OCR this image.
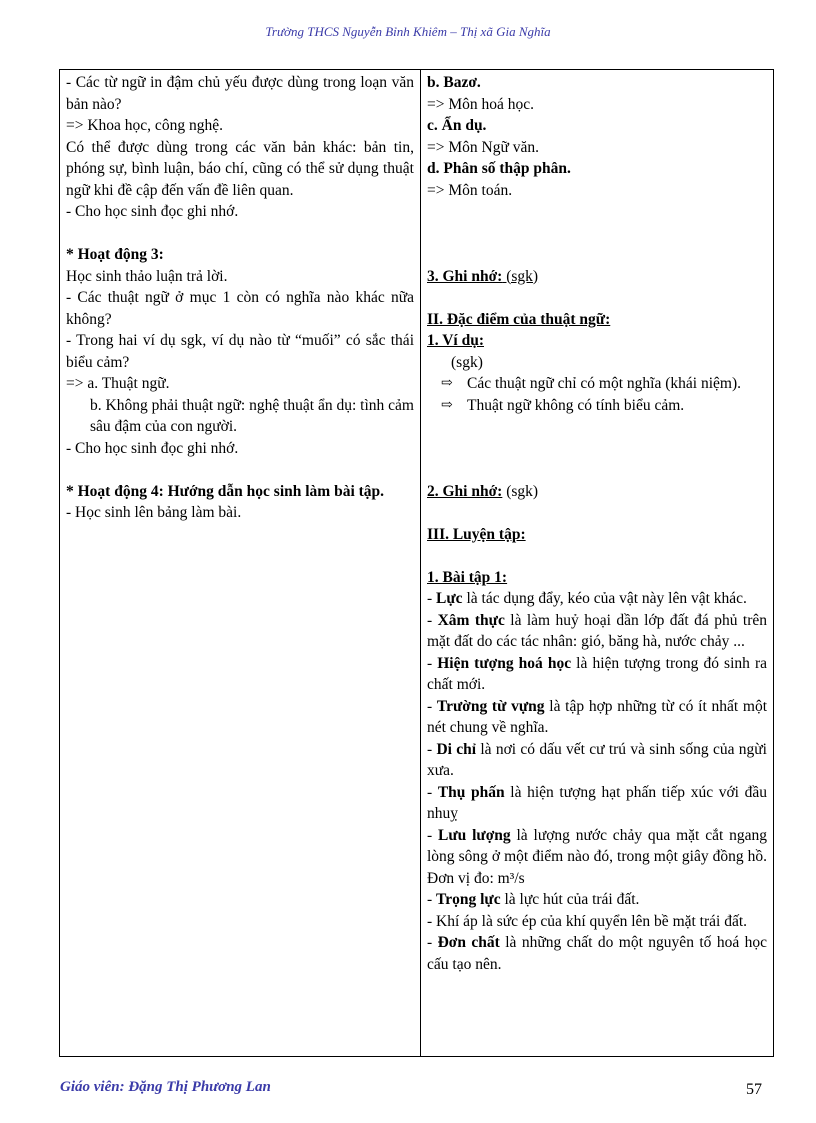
Trường THCS Nguyễn Bỉnh Khiêm – Thị xã Gia Nghĩa

- Các từ ngữ in đậm chủ yếu được dùng trong loạn văn bản nào?

=> Khoa học, công nghệ.

Có thể được dùng trong các văn bản khác: bản tin, phóng sự, bình luận, báo chí, cũng có thể sử dụng thuật ngữ khi đề cập đến vấn đề liên quan.

- Cho học sinh đọc ghi nhớ.

* Hoạt động 3:

Học sinh thảo luận trả lời.

- Các thuật ngữ ở mục 1 còn có nghĩa nào khác nữa không?

- Trong hai ví dụ sgk, ví dụ nào từ “muối” có sắc thái biểu cảm?

=> a. Thuật ngữ.

b. Không phải thuật ngữ: nghệ thuật ẩn dụ: tình cảm sâu đậm của con người.

- Cho học sinh đọc ghi nhớ.

* Hoạt động 4: Hướng dẫn học sinh làm bài tập.

- Học sinh lên bảng làm bài.

b. Bazơ.

=> Môn hoá học.

c. Ẩn dụ.

=> Môn Ngữ văn.

d. Phân số thập phân.

=> Môn toán.

3. Ghi nhớ: (sgk)

II. Đặc điểm của thuật ngữ:

1. Ví dụ:

(sgk)

⇨ Các thuật ngữ chỉ có một nghĩa (khái niệm).
⇨ Thuật ngữ không có tính biểu cảm.

2. Ghi nhớ: (sgk)

III. Luyện tập:

1. Bài tập 1:

- Lực là tác dụng đẩy, kéo của vật này lên vật khác.

- Xâm thực là làm huỷ hoại dần lớp đất đá phủ trên mặt đất do các tác nhân: gió, băng hà, nước chảy ...

- Hiện tượng hoá học là hiện tượng trong đó sinh ra chất mới.

- Trường từ vựng là tập hợp những từ có ít nhất một nét chung về nghĩa.

- Di chỉ là nơi có dấu vết cư trú và sinh sống của ngừi xưa.

- Thụ phấn là hiện tượng hạt phấn tiếp xúc với đầu nhuỵ

- Lưu lượng là lượng nước chảy qua mặt cắt ngang lòng sông ở một điểm nào đó, trong một giây đồng hồ. Đơn vị đo: m³/s

- Trọng lực là lực hút của trái đất.

- Khí áp là sức ép của khí quyển lên bề mặt trái đất.

- Đơn chất là những chất do một nguyên tố hoá học cấu tạo nên.

Giáo viên: Đặng Thị Phương Lan	57
